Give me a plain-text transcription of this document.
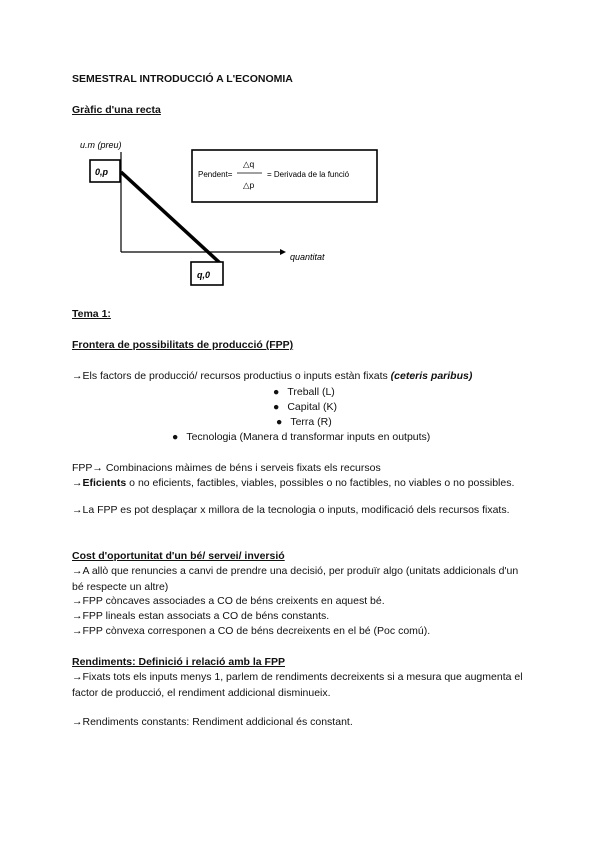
SEMESTRAL INTRODUCCIÓ A L'ECONOMIA
Gràfic d'una recta
u.m (preu)
quantitat
0,p
q,0
Pendent=
△q
△p
= Derivada de la funció
Tema 1:
Frontera de possibilitats de producció (FPP)
→Els factors de producció/ recursos productius o inputs estàn fixats (ceteris paribus)
● Treball (L)
● Capital (K)
● Terra (R)
● Tecnologia (Manera d transformar inputs en outputs)
FPP→ Combinacions màimes de béns i serveis fixats els recursos
→Eficients o no eficients, factibles, viables, possibles o no factibles, no viables o no possibles.
→La FPP es pot desplaçar x millora de la tecnologia o inputs, modificació dels recursos fixats.
Cost d'oportunitat d'un bé/ servei/ inversió
→A allò que renuncies a canvi de prendre una decisió, per produïr algo (unitats addicionals d'un bé respecte un altre)
→FPP còncaves associades a CO de béns creixents en aquest bé.
→FPP lineals estan associats a CO de béns constants.
→FPP cònvexa corresponen a CO de béns decreixents en el bé (Poc comú).
Rendiments: Definició i relació amb la FPP
→Fixats tots els inputs menys 1, parlem de rendiments decreixents si a mesura que augmenta el factor de producció, el rendiment addicional disminueix.
→Rendiments constants: Rendiment addicional és constant.
